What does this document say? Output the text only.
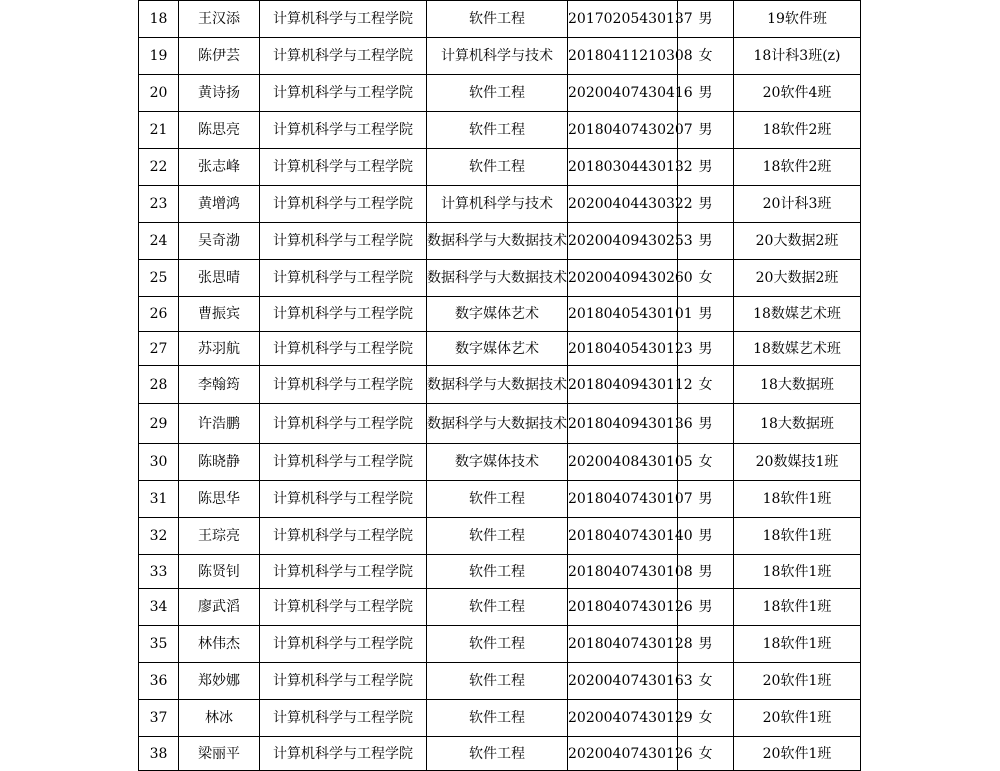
18	王汉添	计算机科学与工程学院	软件工程	20170205430137	男	19软件班
19	陈伊芸	计算机科学与工程学院	计算机科学与技术	20180411210308	女	18计科3班(z)
20	黄诗扬	计算机科学与工程学院	软件工程	20200407430416	男	20软件4班
21	陈思亮	计算机科学与工程学院	软件工程	20180407430207	男	18软件2班
22	张志峰	计算机科学与工程学院	软件工程	20180304430132	男	18软件2班
23	黄增鸿	计算机科学与工程学院	计算机科学与技术	20200404430322	男	20计科3班
24	吴奇渤	计算机科学与工程学院	数据科学与大数据技术	20200409430253	男	20大数据2班
25	张思晴	计算机科学与工程学院	数据科学与大数据技术	20200409430260	女	20大数据2班
26	曹振宾	计算机科学与工程学院	数字媒体艺术	20180405430101	男	18数媒艺术班
27	苏羽航	计算机科学与工程学院	数字媒体艺术	20180405430123	男	18数媒艺术班
28	李翰筠	计算机科学与工程学院	数据科学与大数据技术	20180409430112	女	18大数据班
29	许浩鹏	计算机科学与工程学院	数据科学与大数据技术	20180409430136	男	18大数据班
30	陈晓静	计算机科学与工程学院	数字媒体技术	20200408430105	女	20数媒技1班
31	陈思华	计算机科学与工程学院	软件工程	20180407430107	男	18软件1班
32	王琮亮	计算机科学与工程学院	软件工程	20180407430140	男	18软件1班
33	陈贤钊	计算机科学与工程学院	软件工程	20180407430108	男	18软件1班
34	廖武滔	计算机科学与工程学院	软件工程	20180407430126	男	18软件1班
35	林伟杰	计算机科学与工程学院	软件工程	20180407430128	男	18软件1班
36	郑妙娜	计算机科学与工程学院	软件工程	20200407430163	女	20软件1班
37	林冰	计算机科学与工程学院	软件工程	20200407430129	女	20软件1班
38	梁丽平	计算机科学与工程学院	软件工程	20200407430126	女	20软件1班
